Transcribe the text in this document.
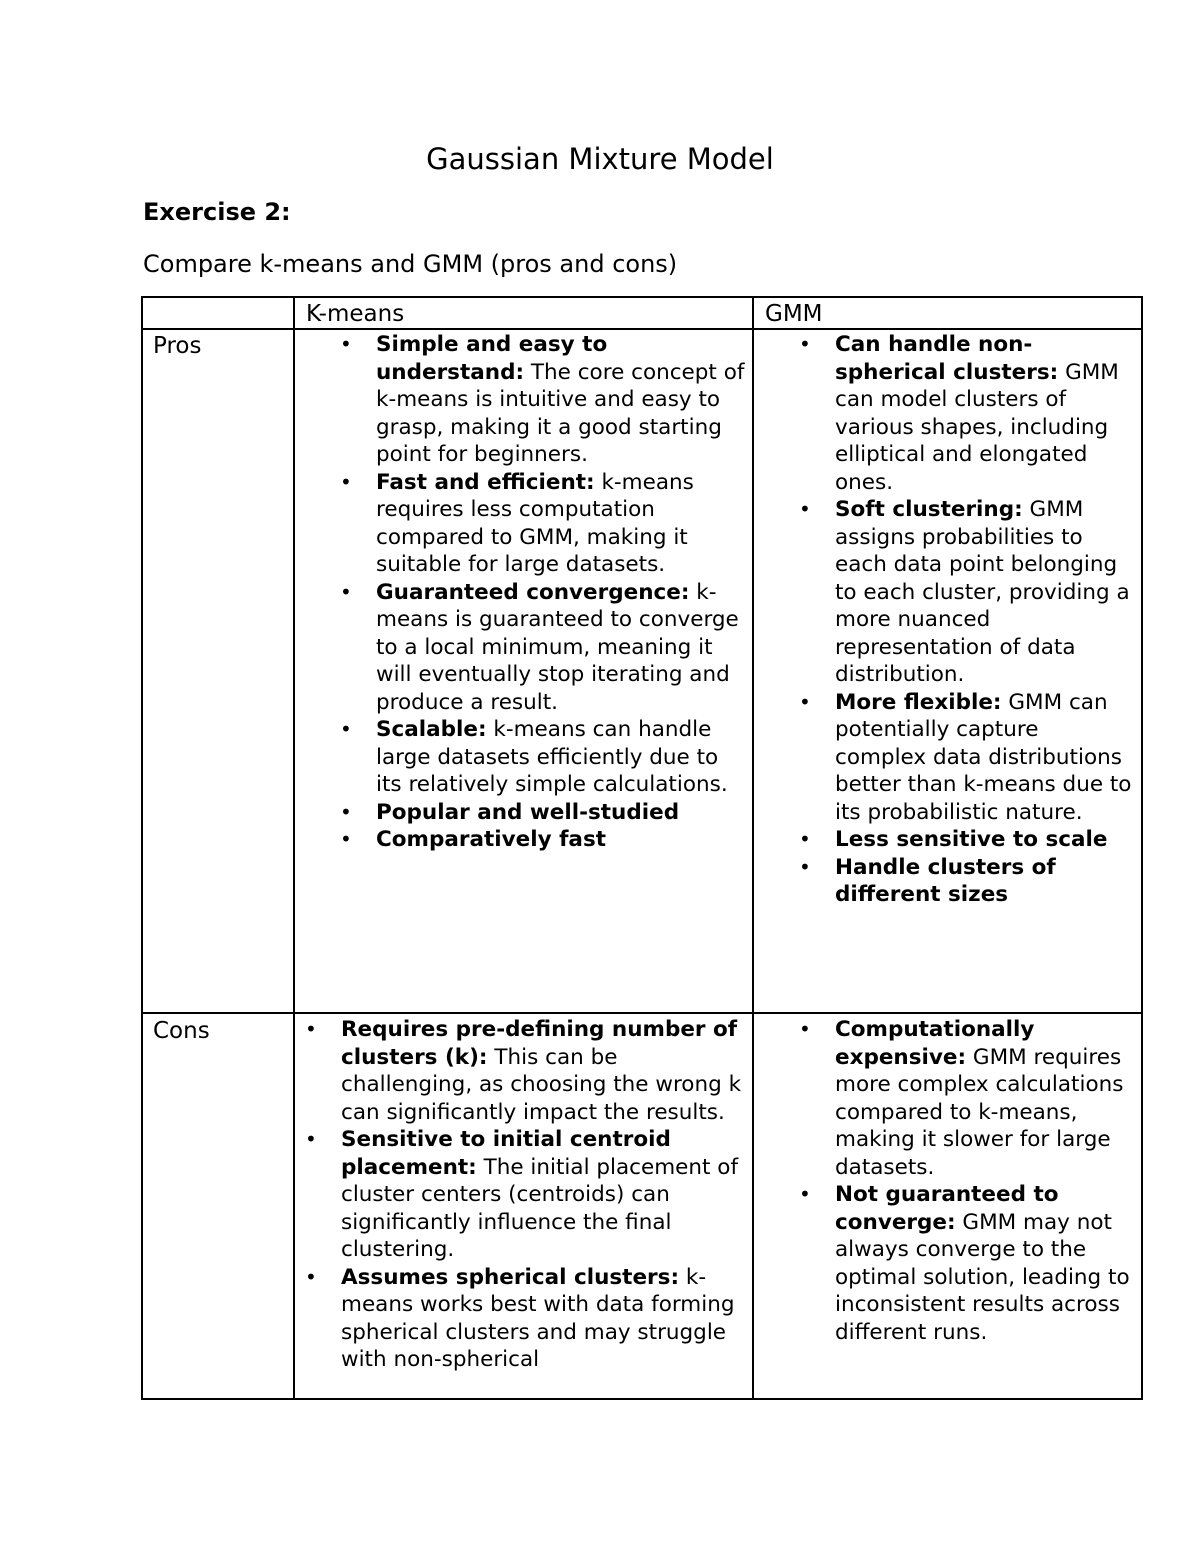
Gaussian Mixture Model

Exercise 2:

Compare k-means and GMM (pros and cons)

K-means	GMM
Pros
Cons
• Simple and easy to understand: The core concept of k-means is intuitive and easy to grasp, making it a good starting point for beginners.
• Fast and efficient: k-means requires less computation compared to GMM, making it suitable for large datasets.
• Guaranteed convergence: k-means is guaranteed to converge to a local minimum, meaning it will eventually stop iterating and produce a result.
• Scalable: k-means can handle large datasets efficiently due to its relatively simple calculations.
• Popular and well-studied
• Comparatively fast
• Can handle non-spherical clusters: GMM can model clusters of various shapes, including elliptical and elongated ones.
• Soft clustering: GMM assigns probabilities to each data point belonging to each cluster, providing a more nuanced representation of data distribution.
• More flexible: GMM can potentially capture complex data distributions better than k-means due to its probabilistic nature.
• Less sensitive to scale
• Handle clusters of different sizes
• Requires pre-defining number of clusters (k): This can be challenging, as choosing the wrong k can significantly impact the results.
• Sensitive to initial centroid placement: The initial placement of cluster centers (centroids) can significantly influence the final clustering.
• Assumes spherical clusters: k-means works best with data forming spherical clusters and may struggle with non-spherical
• Computationally expensive: GMM requires more complex calculations compared to k-means, making it slower for large datasets.
• Not guaranteed to converge: GMM may not always converge to the optimal solution, leading to inconsistent results across different runs.
